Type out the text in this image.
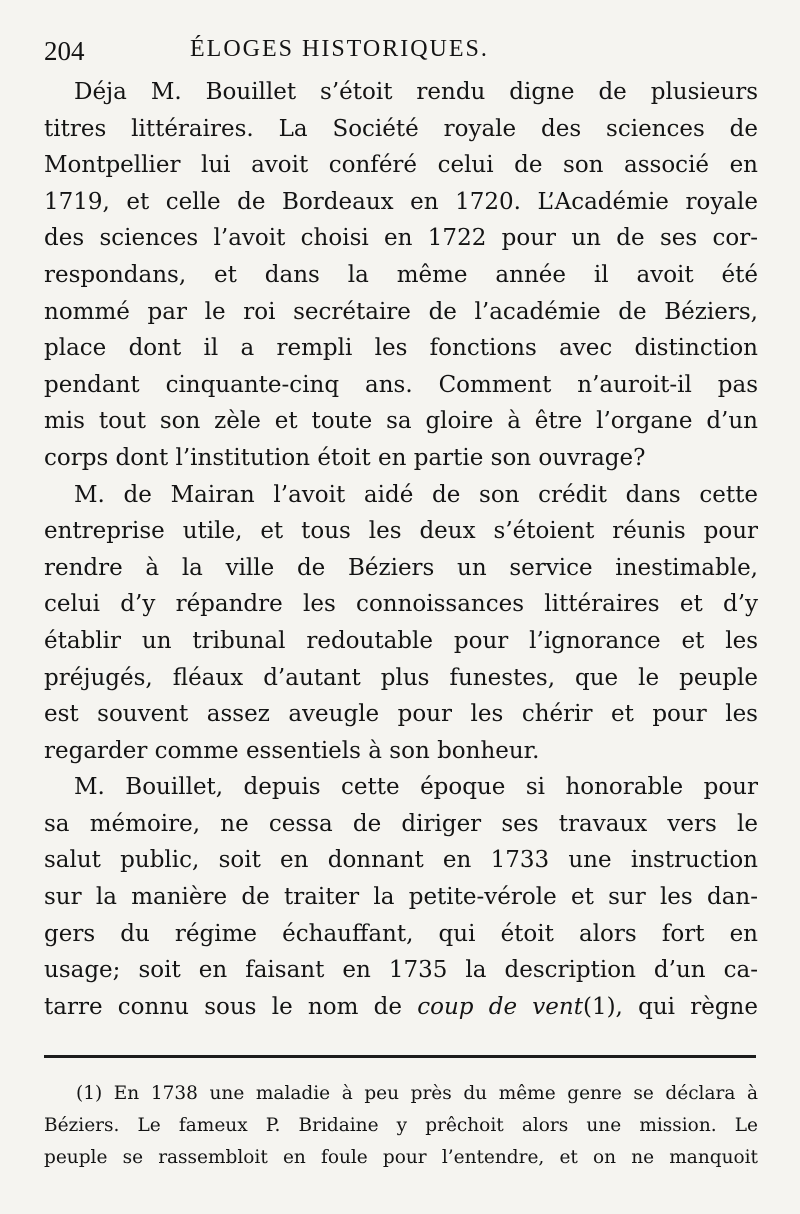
204	ÉLOGES HISTORIQUES.
Déja M. Bouillet s’étoit rendu digne de plusieurs
titres littéraires. La Société royale des sciences de
Montpellier lui avoit conféré celui de son associé en
1719, et celle de Bordeaux en 1720. L’Académie royale
des sciences l’avoit choisi en 1722 pour un de ses cor-
respondans, et dans la même année il avoit été
nommé par le roi secrétaire de l’académie de Béziers,
place dont il a rempli les fonctions avec distinction
pendant cinquante-cinq ans. Comment n’auroit-il pas
mis tout son zèle et toute sa gloire à être l’organe d’un
corps dont l’institution étoit en partie son ouvrage?
M. de Mairan l’avoit aidé de son crédit dans cette
entreprise utile, et tous les deux s’étoient réunis pour
rendre à la ville de Béziers un service inestimable,
celui d’y répandre les connoissances littéraires et d’y
établir un tribunal redoutable pour l’ignorance et les
préjugés, fléaux d’autant plus funestes, que le peuple
est souvent assez aveugle pour les chérir et pour les
regarder comme essentiels à son bonheur.
M. Bouillet, depuis cette époque si honorable pour
sa mémoire, ne cessa de diriger ses travaux vers le
salut public, soit en donnant en 1733 une instruction
sur la manière de traiter la petite-vérole et sur les dan-
gers du régime échauffant, qui étoit alors fort en
usage; soit en faisant en 1735 la description d’un ca-
tarre connu sous le nom de coup de vent(1), qui règne
(1) En 1738 une maladie à peu près du même genre se déclara à
Béziers. Le fameux P. Bridaine y prêchoit alors une mission. Le
peuple se rassembloit en foule pour l’entendre, et on ne manquoit
